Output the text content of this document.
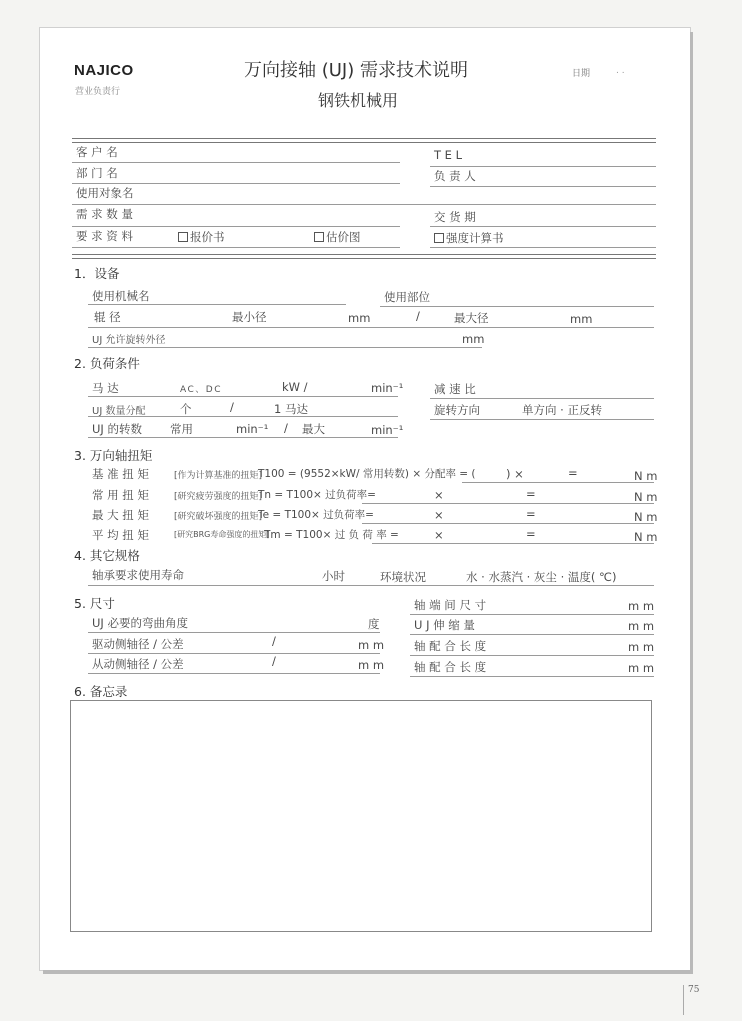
NAJICO
营业负责行
万向接轴 (UJ) 需求技术说明
钢铁机械用
日期	. .
客 户 名	T E L
部 门 名	负 责 人
使用对象名
需 求 数 量	交 货 期
要 求 资 料	报价书	估价图	强度计算书
1．设备
使用机械名	使用部位
辊 径	最小径	mm	/	最大径	mm
UJ 允许旋转外径	mm
2. 负荷条件
马 达	AC、DC	kW /	min⁻¹	减 速 比
UJ 数量分配	个	/	1 马达	旋转方向	单方向 · 正反转
UJ 的转数 常用	min⁻¹ / 最大	min⁻¹
3. 万向轴扭矩
基 准 扭 矩	[作为计算基准的扭矩]
T100 = (9552×kW/ 常用转数) × 分配率 = (	) ×	=	N m
常 用 扭 矩	[研究疲劳强度的扭矩]
Tn = T100× 过负荷率=	×	=	N m
最 大 扭 矩	[研究破坏强度的扭矩]
Te = T100× 过负荷率=	×	=	N m
平 均 扭 矩	[研究BRG寿命强度的扭矩]
Tm = T100× 过 负 荷 率 =	×	=	N m
4. 其它规格
轴承要求使用寿命	小时	环境状况	水 · 水蒸汽 · 灰尘 · 温度( ℃)
5. 尺寸	轴 端 间 尺 寸	m m
UJ 必要的弯曲角度	度	U J 伸 缩 量	m m
驱动侧轴径 / 公差	/	m m	轴 配 合 长 度	m m
从动侧轴径 / 公差	/	m m	轴 配 合 长 度	m m
6. 备忘录
75
